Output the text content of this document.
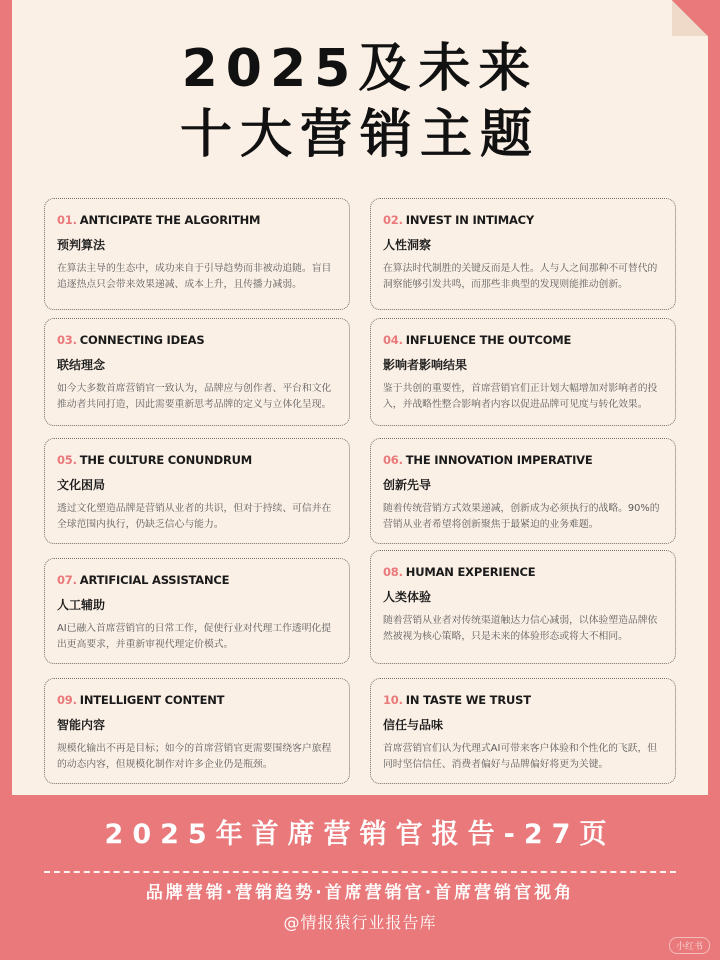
2025及未来
十大营销主题
01. ANTICIPATE THE ALGORITHM
预判算法
在算法主导的生态中，成功来自于引导趋势而非被动追随。盲目追逐热点只会带来效果递减、成本上升，且传播力减弱。
02. INVEST IN INTIMACY
人性洞察
在算法时代制胜的关键反而是人性。人与人之间那种不可替代的洞察能够引发共鸣，而那些非典型的发现则能推动创新。
03. CONNECTING IDEAS
联结理念
如今大多数首席营销官一致认为，品牌应与创作者、平台和文化推动者共同打造，因此需要重新思考品牌的定义与立体化呈现。
04. INFLUENCE THE OUTCOME
影响者影响结果
鉴于共创的重要性，首席营销官们正计划大幅增加对影响者的投入，并战略性整合影响者内容以促进品牌可见度与转化效果。
05. THE CULTURE CONUNDRUM
文化困局
透过文化塑造品牌是营销从业者的共识，但对于持续、可信并在全球范围内执行，仍缺乏信心与能力。
06. THE INNOVATION IMPERATIVE
创新先导
随着传统营销方式效果递减，创新成为必须执行的战略。90%的营销从业者希望将创新聚焦于最紧迫的业务难题。
07. ARTIFICIAL ASSISTANCE
人工辅助
AI已融入首席营销官的日常工作，促使行业对代理工作透明化提出更高要求，并重新审视代理定价模式。
08. HUMAN EXPERIENCE
人类体验
随着营销从业者对传统渠道触达力信心减弱，以体验塑造品牌依然被视为核心策略，只是未来的体验形态或将大不相同。
09. INTELLIGENT CONTENT
智能内容
规模化输出不再是目标；如今的首席营销官更需要围绕客户旅程的动态内容，但规模化制作对许多企业仍是瓶颈。
10. IN TASTE WE TRUST
信任与品味
首席营销官们认为代理式AI可带来客户体验和个性化的飞跃，但同时坚信信任、消费者偏好与品牌偏好将更为关键。
2025年首席营销官报告-27页
品牌营销·营销趋势·首席营销官·首席营销官视角
@情报猿行业报告库
小红书
